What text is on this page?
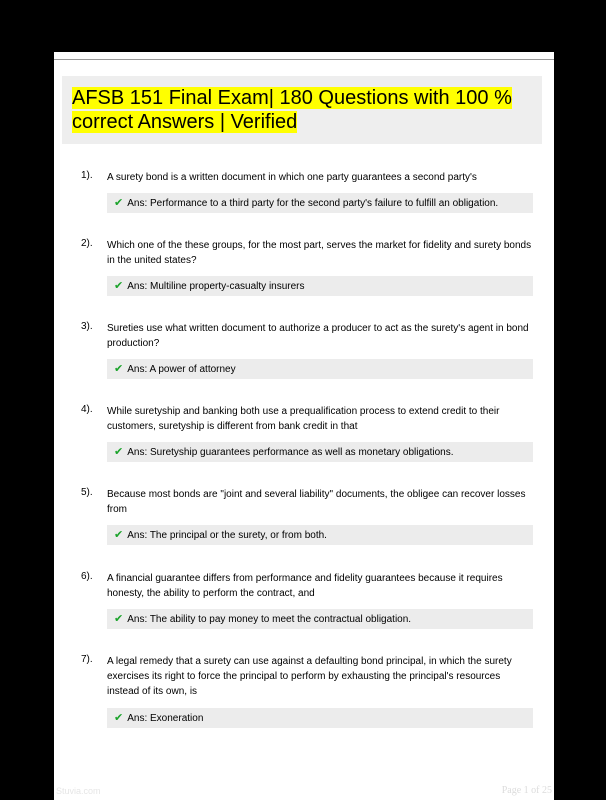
AFSB 151 Final Exam| 180 Questions with 100 % correct Answers | Verified
1). A surety bond is a written document in which one party guarantees a second party's
✔ Ans: Performance to a third party for the second party's failure to fulfill an obligation.
2). Which one of the these groups, for the most part, serves the market for fidelity and surety bonds in the united states?
✔ Ans: Multiline property-casualty insurers
3). Sureties use what written document to authorize a producer to act as the surety's agent in bond production?
✔ Ans: A power of attorney
4). While suretyship and banking both use a prequalification process to extend credit to their customers, suretyship is different from bank credit in that
✔ Ans: Suretyship guarantees performance as well as monetary obligations.
5). Because most bonds are "joint and several liability" documents, the obligee can recover losses from
✔ Ans: The principal or the surety, or from both.
6). A financial guarantee differs from performance and fidelity guarantees because it requires honesty, the ability to perform the contract, and
✔ Ans: The ability to pay money to meet the contractual obligation.
7). A legal remedy that a surety can use against a defaulting bond principal, in which the surety exercises its right to force the principal to perform by exhausting the principal's resources instead of its own, is
✔ Ans: Exoneration
Stuvia.com	Page 1 of 25
